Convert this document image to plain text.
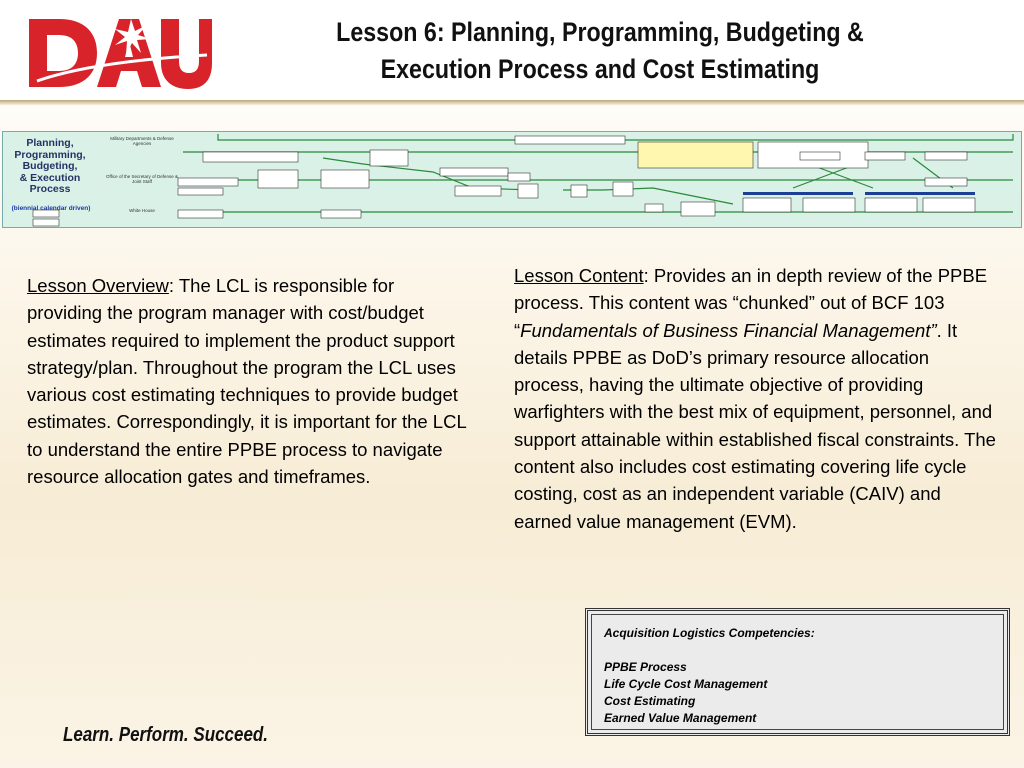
Lesson 6: Planning, Programming, Budgeting &
Execution Process and Cost Estimating
Planning,
Programming,
Budgeting,
& Execution
Process
(biennial calendar driven)
Military Departments & Defense Agencies
Office of the Secretary of Defense & Joint Staff
White House
Lesson Overview: The LCL is responsible for providing the program manager with cost/budget estimates required to implement the product support strategy/plan. Throughout the program the LCL uses various cost estimating techniques to provide budget estimates. Correspondingly, it is important for the LCL to understand the entire PPBE process to navigate resource allocation gates and timeframes.
Lesson Content: Provides an in depth review of the PPBE process. This content was “chunked” out of BCF 103 “Fundamentals of Business Financial Management”. It details PPBE as DoD’s primary resource allocation process, having the ultimate objective of providing warfighters with the best mix of equipment, personnel, and support attainable within established fiscal constraints. The content also includes cost estimating covering life cycle costing, cost as an independent variable (CAIV) and earned value management (EVM).
Acquisition Logistics Competencies:
PPBE Process
Life Cycle Cost Management
Cost Estimating
Earned Value Management
Learn. Perform. Succeed.
